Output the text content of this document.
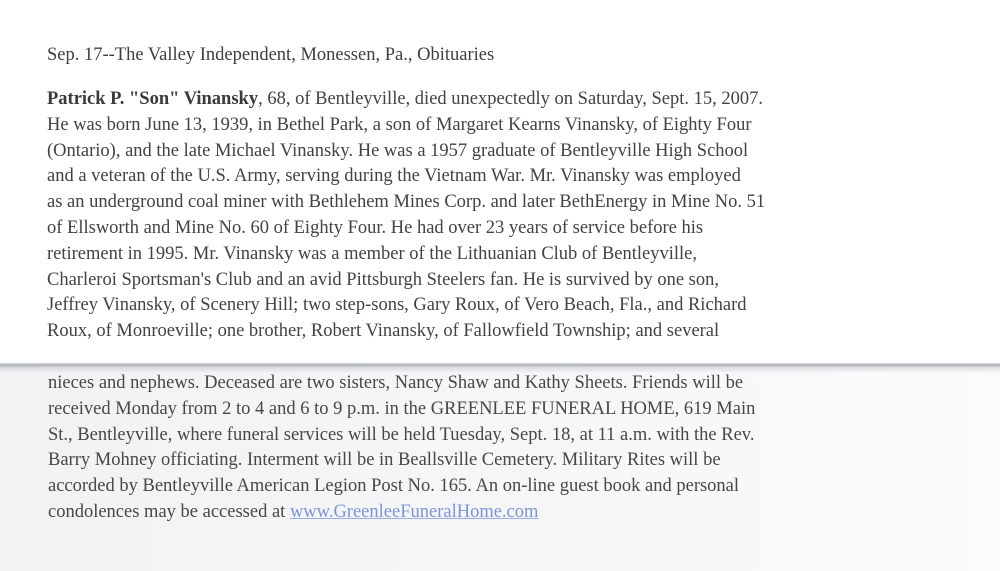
Sep. 17--The Valley Independent, Monessen, Pa., Obituaries
Patrick P. "Son" Vinansky, 68, of Bentleyville, died unexpectedly on Saturday, Sept. 15, 2007.
He was born June 13, 1939, in Bethel Park, a son of Margaret Kearns Vinansky, of Eighty Four
(Ontario), and the late Michael Vinansky. He was a 1957 graduate of Bentleyville High School
and a veteran of the U.S. Army, serving during the Vietnam War. Mr. Vinansky was employed
as an underground coal miner with Bethlehem Mines Corp. and later BethEnergy in Mine No. 51
of Ellsworth and Mine No. 60 of Eighty Four. He had over 23 years of service before his
retirement in 1995. Mr. Vinansky was a member of the Lithuanian Club of Bentleyville,
Charleroi Sportsman's Club and an avid Pittsburgh Steelers fan. He is survived by one son,
Jeffrey Vinansky, of Scenery Hill; two step-sons, Gary Roux, of Vero Beach, Fla., and Richard
Roux, of Monroeville; one brother, Robert Vinansky, of Fallowfield Township; and several
nieces and nephews. Deceased are two sisters, Nancy Shaw and Kathy Sheets. Friends will be
received Monday from 2 to 4 and 6 to 9 p.m. in the GREENLEE FUNERAL HOME, 619 Main
St., Bentleyville, where funeral services will be held Tuesday, Sept. 18, at 11 a.m. with the Rev.
Barry Mohney officiating. Interment will be in Beallsville Cemetery. Military Rites will be
accorded by Bentleyville American Legion Post No. 165. An on-line guest book and personal
condolences may be accessed at www.GreenleeFuneralHome.com
